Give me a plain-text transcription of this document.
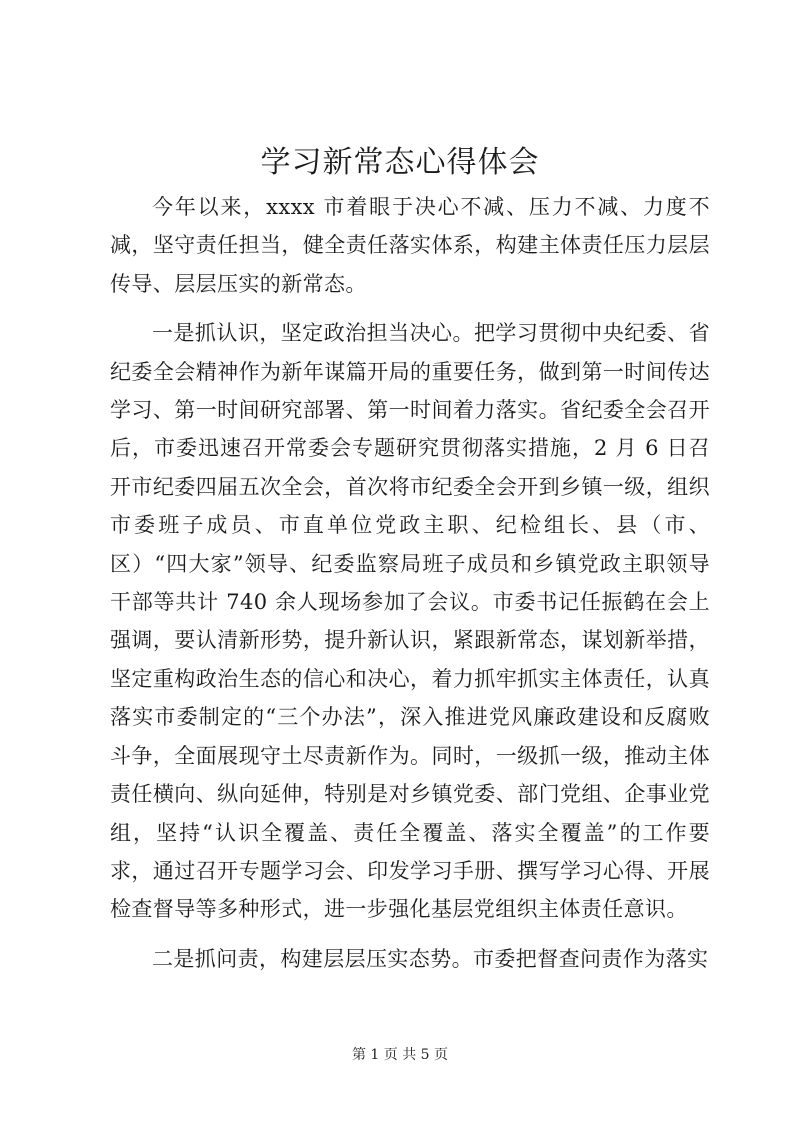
学习新常态心得体会

今年以来，xxxx 市着眼于决心不减、压力不减、力度不减，坚守责任担当，健全责任落实体系，构建主体责任压力层层传导、层层压实的新常态。

一是抓认识，坚定政治担当决心。把学习贯彻中央纪委、省纪委全会精神作为新年谋篇开局的重要任务，做到第一时间传达学习、第一时间研究部署、第一时间着力落实。省纪委全会召开后，市委迅速召开常委会专题研究贯彻落实措施，2 月 6 日召开市纪委四届五次全会，首次将市纪委全会开到乡镇一级，组织市委班子成员、市直单位党政主职、纪检组长、县（市、区）“四大家”领导、纪委监察局班子成员和乡镇党政主职领导干部等共计 740 余人现场参加了会议。市委书记任振鹤在会上强调，要认清新形势，提升新认识，紧跟新常态，谋划新举措，坚定重构政治生态的信心和决心，着力抓牢抓实主体责任，认真落实市委制定的“三个办法”，深入推进党风廉政建设和反腐败斗争，全面展现守土尽责新作为。同时，一级抓一级，推动主体责任横向、纵向延伸，特别是对乡镇党委、部门党组、企事业党组，坚持“认识全覆盖、责任全覆盖、落实全覆盖”的工作要求，通过召开专题学习会、印发学习手册、撰写学习心得、开展检查督导等多种形式，进一步强化基层党组织主体责任意识。

二是抓问责，构建层层压实态势。市委把督查问责作为落实

第 1 页 共 5 页
